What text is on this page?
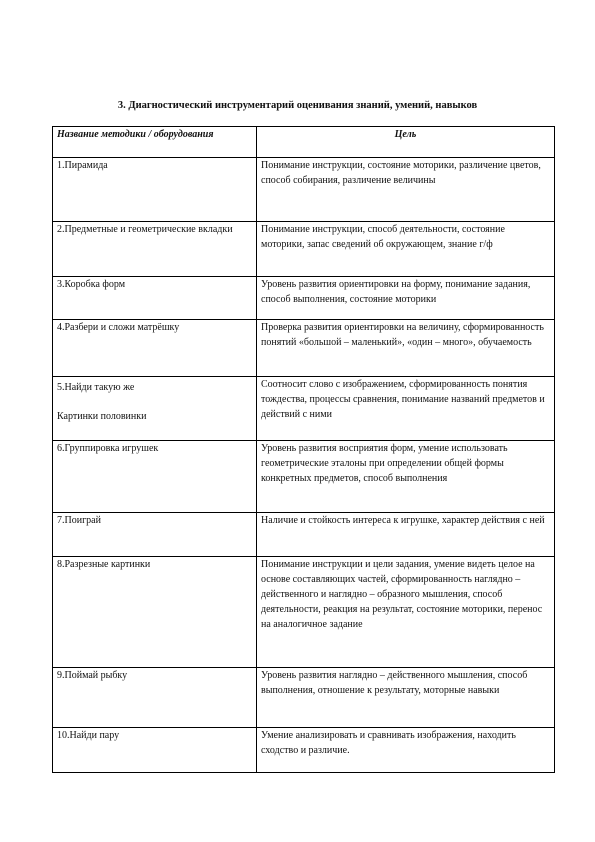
3. Диагностический инструментарий оценивания знаний, умений, навыков
Название методики / оборудования	Цель
1.Пирамида	Понимание инструкции, состояние моторики, различение цветов, способ собирания, различение величины
2.Предметные и геометрические вкладки	Понимание инструкции, способ деятельности, состояние моторики, запас сведений об окружающем, знание г/ф
3.Коробка форм	Уровень развития ориентировки на форму, понимание задания, способ выполнения, состояние моторики
4.Разбери и сложи матрёшку	Проверка развития ориентировки на величину, сформированность понятий «большой – маленький», «один – много», обучаемость

5.Найди такую же
Картинки половинки	Соотносит слово с изображением, сформированность понятия тождества, процессы сравнения, понимание названий предметов и действий с ними
6.Группировка игрушек	Уровень развития восприятия форм, умение использовать геометрические эталоны при определении общей формы конкретных предметов, способ выполнения
7.Поиграй	Наличие и стойкость интереса к игрушке, характер действия с ней
8.Разрезные картинки	Понимание инструкции и цели задания, умение видеть целое на основе составляющих частей, сформированность наглядно – действенного и наглядно – образного мышления, способ деятельности, реакция на результат, состояние моторики, перенос на аналогичное задание
9.Поймай рыбку	Уровень развития наглядно – действенного мышления, способ выполнения, отношение к результату, моторные навыки
10.Найди пару	Умение анализировать и сравнивать изображения, находить сходство и различие.
